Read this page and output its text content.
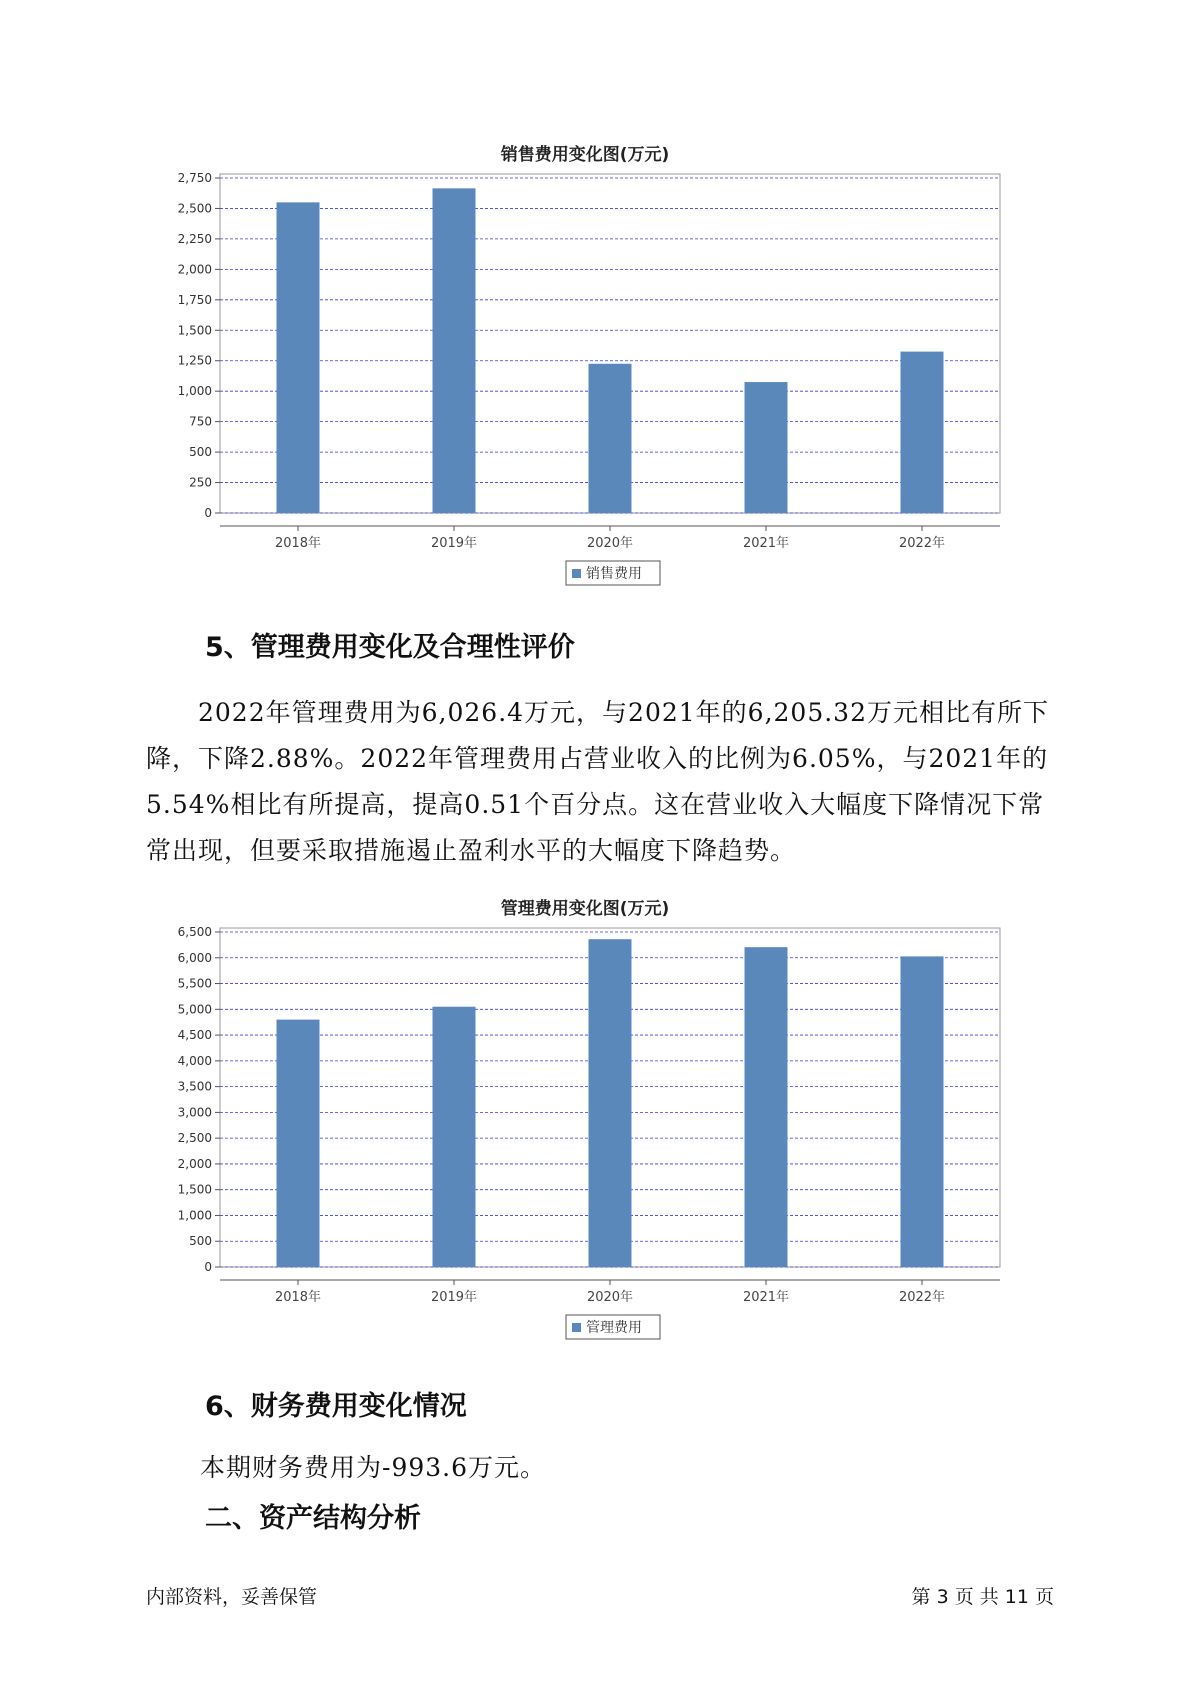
销售费用变化图(万元)
0
250
500
750
1,000
1,250
1,500
1,750
2,000
2,250
2,500
2,750
2018年	2019年	2020年	2021年	2022年
销售费用
5、管理费用变化及合理性评价

2022年管理费用为6,026.4万元，与2021年的6,205.32万元相比有所下降，下降2.88%。2022年管理费用占营业收入的比例为6.05%，与2021年的5.54%相比有所提高，提高0.51个百分点。这在营业收入大幅度下降情况下常常出现，但要采取措施遏止盈利水平的大幅度下降趋势。

管理费用变化图(万元)
0
500
1,000
1,500
2,000
2,500
3,000
3,500
4,000
4,500
5,000
5,500
6,000
6,500
2018年	2019年	2020年	2021年	2022年
管理费用
6、财务费用变化情况
本期财务费用为-993.6万元。
二、资产结构分析
内部资料，妥善保管	第 3 页 共 11 页
